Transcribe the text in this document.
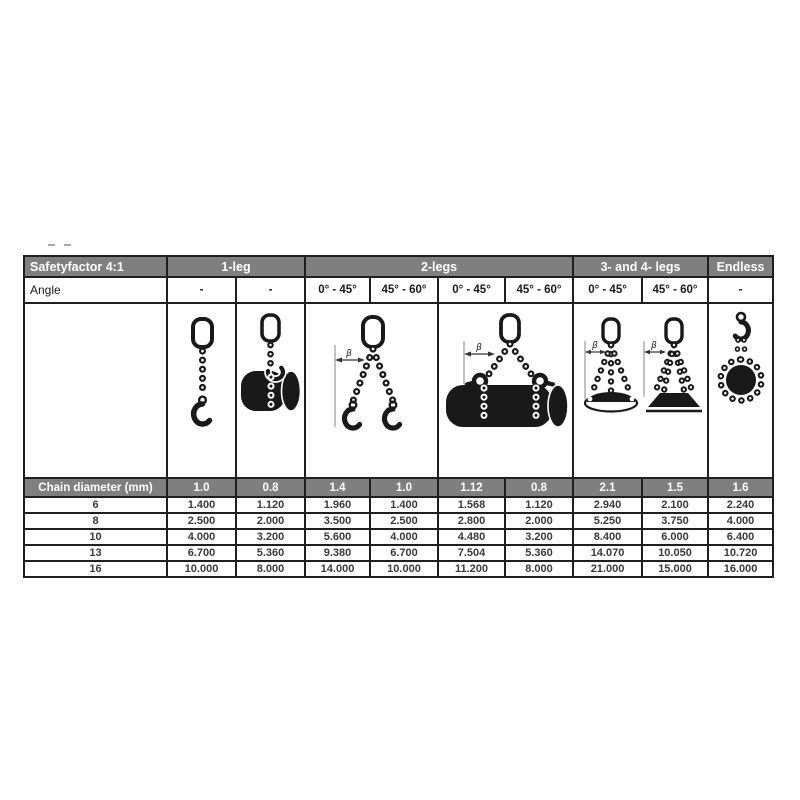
Safetyfactor 4:1	1-leg		2-legs				3- and 4- legs		Endless
Angle	-	-	0° - 45°	45° - 60°	0° - 45°	45° - 60°	0° - 45°	45° - 60°	-

β		β		β β

Chain diameter (mm)	1.0	0.8	1.4	1.0	1.12	0.8	2.1	1.5	1.6
6	1.400	1.120	1.960	1.400	1.568	1.120	2.940	2.100	2.240
8	2.500	2.000	3.500	2.500	2.800	2.000	5.250	3.750	4.000
10	4.000	3.200	5.600	4.000	4.480	3.200	8.400	6.000	6.400
13	6.700	5.360	9.380	6.700	7.504	5.360	14.070	10.050	10.720
16	10.000	8.000	14.000	10.000	11.200	8.000	21.000	15.000	16.000
